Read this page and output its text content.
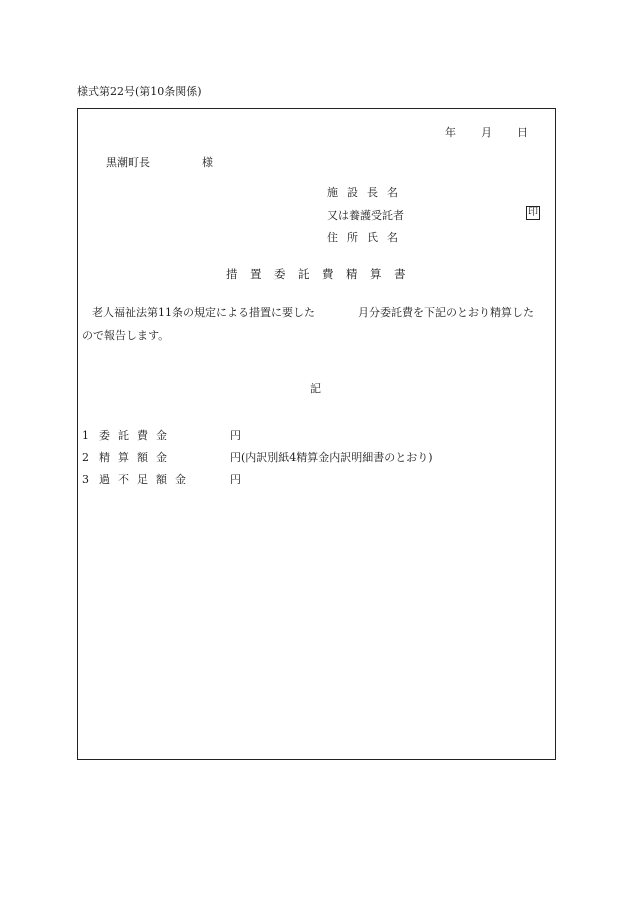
様式第22号(第10条関係)
年 月 日
黒潮町長	様
施設長名
又は養護受託者
住所氏名
印
措置委託費精算書
老人福祉法第11条の規定による措置に要した	月分委託費を下記のとおり精算した
ので報告します。
記
1 委託費金	円
2 精算額金	円(内訳別紙4精算金内訳明細書のとおり)
3 過不足額金	円
